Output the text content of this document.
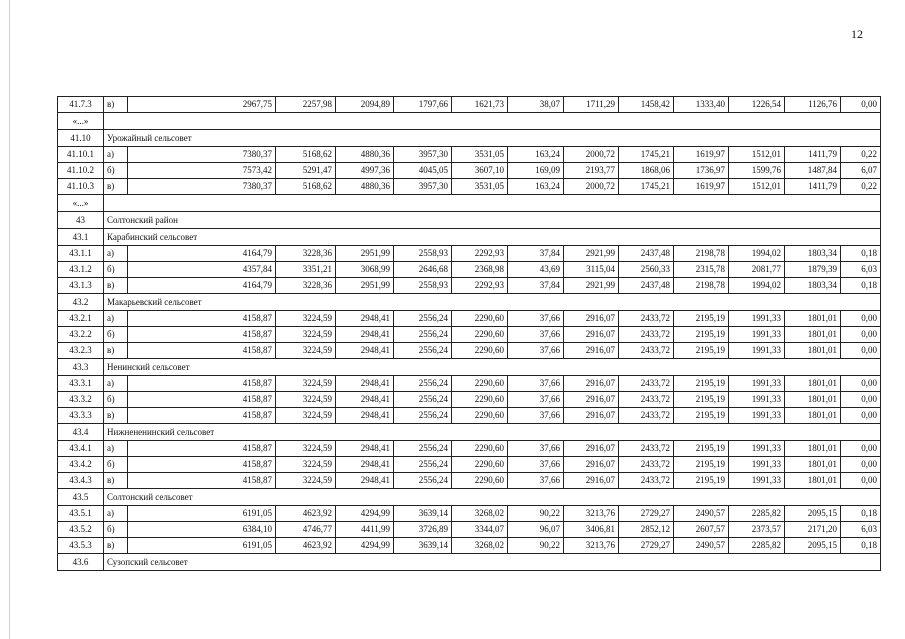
12
41.7.3	в)	2967,75	2257,98	2094,89	1797,66	1621,73	38,07	1711,29	1458,42	1333,40	1226,54	1126,76	0,00
«...»													
41.10	Урожайный сельсовет												
41.10.1	а)	7380,37	5168,62	4880,36	3957,30	3531,05	163,24	2000,72	1745,21	1619,97	1512,01	1411,79	0,22
41.10.2	б)	7573,42	5291,47	4997,36	4045,05	3607,10	169,09	2193,77	1868,06	1736,97	1599,76	1487,84	6,07
41.10.3	в)	7380,37	5168,62	4880,36	3957,30	3531,05	163,24	2000,72	1745,21	1619,97	1512,01	1411,79	0,22
«...»													
43	Солтонский район												
43.1	Карабинский сельсовет												
43.1.1	а)	4164,79	3228,36	2951,99	2558,93	2292,93	37,84	2921,99	2437,48	2198,78	1994,02	1803,34	0,18
43.1.2	б)	4357,84	3351,21	3068,99	2646,68	2368,98	43,69	3115,04	2560,33	2315,78	2081,77	1879,39	6,03
43.1.3	в)	4164,79	3228,36	2951,99	2558,93	2292,93	37,84	2921,99	2437,48	2198,78	1994,02	1803,34	0,18
43.2	Макарьевский сельсовет												
43.2.1	а)	4158,87	3224,59	2948,41	2556,24	2290,60	37,66	2916,07	2433,72	2195,19	1991,33	1801,01	0,00
43.2.2	б)	4158,87	3224,59	2948,41	2556,24	2290,60	37,66	2916,07	2433,72	2195,19	1991,33	1801,01	0,00
43.2.3	в)	4158,87	3224,59	2948,41	2556,24	2290,60	37,66	2916,07	2433,72	2195,19	1991,33	1801,01	0,00
43.3	Ненинский сельсовет												
43.3.1	а)	4158,87	3224,59	2948,41	2556,24	2290,60	37,66	2916,07	2433,72	2195,19	1991,33	1801,01	0,00
43.3.2	б)	4158,87	3224,59	2948,41	2556,24	2290,60	37,66	2916,07	2433,72	2195,19	1991,33	1801,01	0,00
43.3.3	в)	4158,87	3224,59	2948,41	2556,24	2290,60	37,66	2916,07	2433,72	2195,19	1991,33	1801,01	0,00
43.4	Нижнененинский сельсовет												
43.4.1	а)	4158,87	3224,59	2948,41	2556,24	2290,60	37,66	2916,07	2433,72	2195,19	1991,33	1801,01	0,00
43.4.2	б)	4158,87	3224,59	2948,41	2556,24	2290,60	37,66	2916,07	2433,72	2195,19	1991,33	1801,01	0,00
43.4.3	в)	4158,87	3224,59	2948,41	2556,24	2290,60	37,66	2916,07	2433,72	2195,19	1991,33	1801,01	0,00
43.5	Солтонский сельсовет												
43.5.1	а)	6191,05	4623,92	4294,99	3639,14	3268,02	90,22	3213,76	2729,27	2490,57	2285,82	2095,15	0,18
43.5.2	б)	6384,10	4746,77	4411,99	3726,89	3344,07	96,07	3406,81	2852,12	2607,57	2373,57	2171,20	6,03
43.5.3	в)	6191,05	4623,92	4294,99	3639,14	3268,02	90,22	3213,76	2729,27	2490,57	2285,82	2095,15	0,18
43.6	Сузопский сельсовет												
